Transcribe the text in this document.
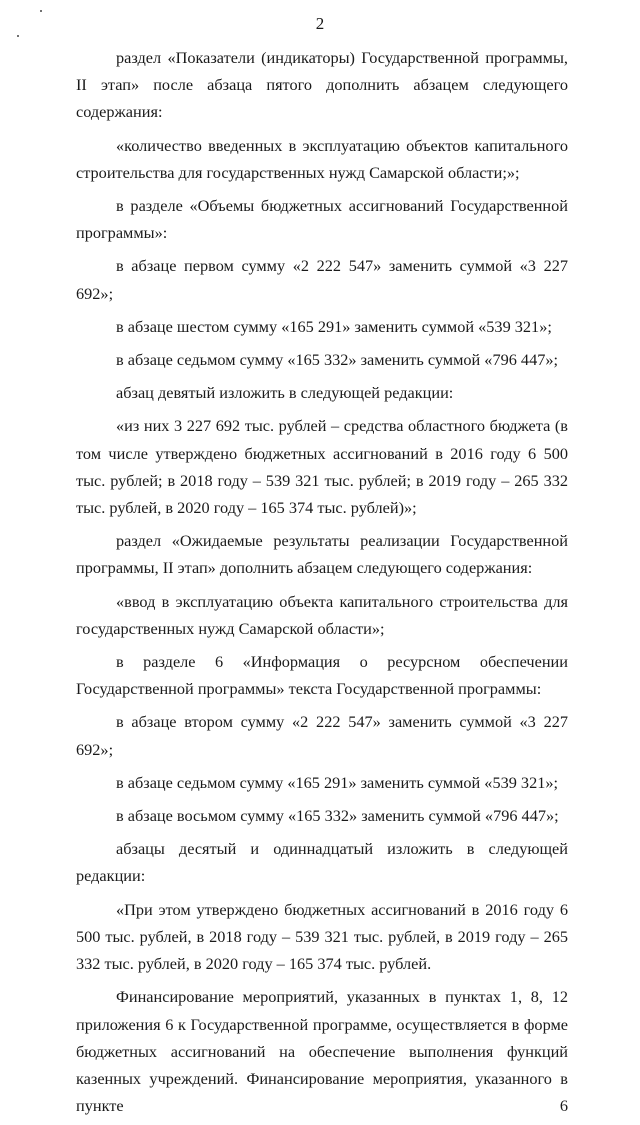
2

раздел «Показатели (индикаторы) Государственной программы, II этап» после абзаца пятого дополнить абзацем следующего содержания:

«количество введенных в эксплуатацию объектов капитального строительства для государственных нужд Самарской области;»;

в разделе «Объемы бюджетных ассигнований Государственной программы»:

в абзаце первом сумму «2 222 547» заменить суммой «3 227 692»;

в абзаце шестом сумму «165 291» заменить суммой «539 321»;

в абзаце седьмом сумму «165 332» заменить суммой «796 447»;

абзац девятый изложить в следующей редакции:

«из них 3 227 692 тыс. рублей – средства областного бюджета (в том числе утверждено бюджетных ассигнований в 2016 году 6 500 тыс. рублей; в 2018 году – 539 321 тыс. рублей; в 2019 году – 265 332 тыс. рублей, в 2020 году – 165 374 тыс. рублей)»;

раздел «Ожидаемые результаты реализации Государственной программы, II этап» дополнить абзацем следующего содержания:

«ввод в эксплуатацию объекта капитального строительства для государственных нужд Самарской области»;

в разделе 6 «Информация о ресурсном обеспечении Государственной программы» текста Государственной программы:

в абзаце втором сумму «2 222 547» заменить суммой «3 227 692»;

в абзаце седьмом сумму «165 291» заменить суммой «539 321»;

в абзаце восьмом сумму «165 332» заменить суммой «796 447»;

абзацы десятый и одиннадцатый изложить в следующей редакции:

«При этом утверждено бюджетных ассигнований в 2016 году 6 500 тыс. рублей, в 2018 году – 539 321 тыс. рублей, в 2019 году – 265 332 тыс. рублей, в 2020 году – 165 374 тыс. рублей.

Финансирование мероприятий, указанных в пунктах 1, 8, 12 приложения 6 к Государственной программе, осуществляется в форме бюджетных ассигнований на обеспечение выполнения функций казенных учреждений. Финансирование мероприятия, указанного в пункте 6
